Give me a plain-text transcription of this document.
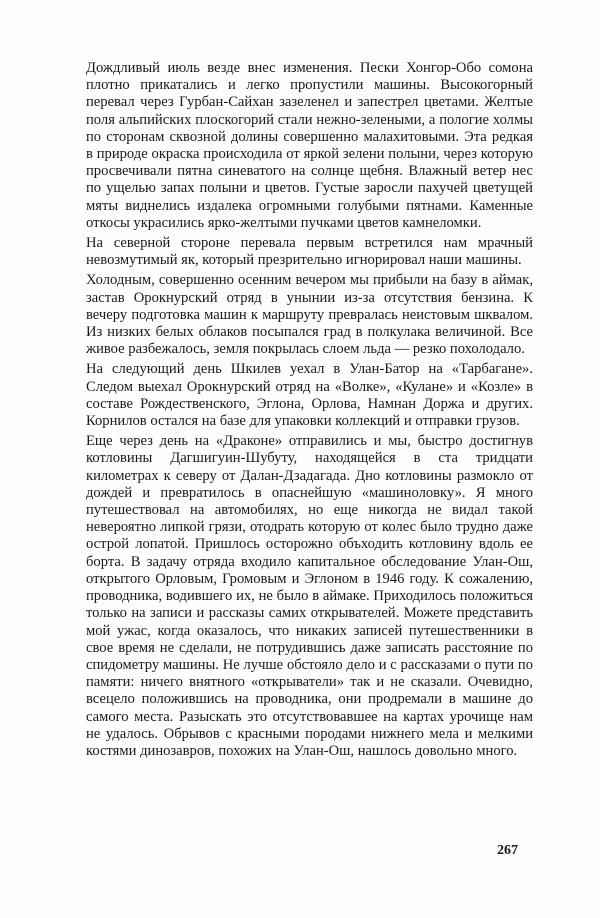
Дождливый июль везде внес изменения. Пески Хонгор-Обо сомона плотно прикатались и легко пропустили машины. Высокогорный перевал через Гурбан-Сайхан зазеленел и запестрел цветами. Желтые поля альпийских плоскогорий стали нежно-зелеными, а пологие холмы по сторонам сквозной долины совершенно малахитовыми. Эта редкая в природе окраска происходила от яркой зелени полыни, через которую просвечивали пятна синеватого на солнце щебня. Влажный ветер нес по ущелью запах полыни и цветов. Густые заросли пахучей цветущей мяты виднелись издалека огромными голубыми пятнами. Каменные откосы украсились ярко-желтыми пучками цветов камнеломки.

На северной стороне перевала первым встретился нам мрачный невозмутимый як, который презрительно игнорировал наши машины.

Холодным, совершенно осенним вечером мы прибыли на базу в аймак, застав Орокнурский отряд в унынии из-за отсутствия бензина. К вечеру подготовка машин к маршруту превралась неистовым шквалом. Из низких белых облаков посыпался град в полкулака величиной. Все живое разбежалось, земля покрылась слоем льда — резко похолодало.

На следующий день Шкилев уехал в Улан-Батор на «Тарбагане». Следом выехал Орокнурский отряд на «Волке», «Кулане» и «Козле» в составе Рождественского, Эглона, Орлова, Намнан Доржа и других. Корнилов остался на базе для упаковки коллекций и отправки грузов.

Еще через день на «Драконе» отправились и мы, быстро достигнув котловины Дагшигуин-Шубуту, находящейся в ста тридцати километрах к северу от Далан-Дзадагада. Дно котловины размокло от дождей и превратилось в опаснейшую «машиноловку». Я много путешествовал на автомобилях, но еще никогда не видал такой невероятно липкой грязи, отодрать которую от колес было трудно даже острой лопатой. Пришлось осторожно объходить котловину вдоль ее борта. В задачу отряда входило капитальное обследование Улан-Ош, открытого Орловым, Громовым и Эглоном в 1946 году. К сожалению, проводника, водившего их, не было в аймаке. Приходилось положиться только на записи и рассказы самих открывателей. Можете представить мой ужас, когда оказалось, что никаких записей путешественники в свое время не сделали, не потрудившись даже записать расстояние по спидометру машины. Не лучше обстояло дело и с рассказами о пути по памяти: ничего внятного «открыватели» так и не сказали. Очевидно, всецело положившись на проводника, они продремали в машине до самого места. Разыскать это отсутствовавшее на картах урочище нам не удалось. Обрывов с красными породами нижнего мела и мелкими костями динозавров, похожих на Улан-Ош, нашлось довольно много.

267
